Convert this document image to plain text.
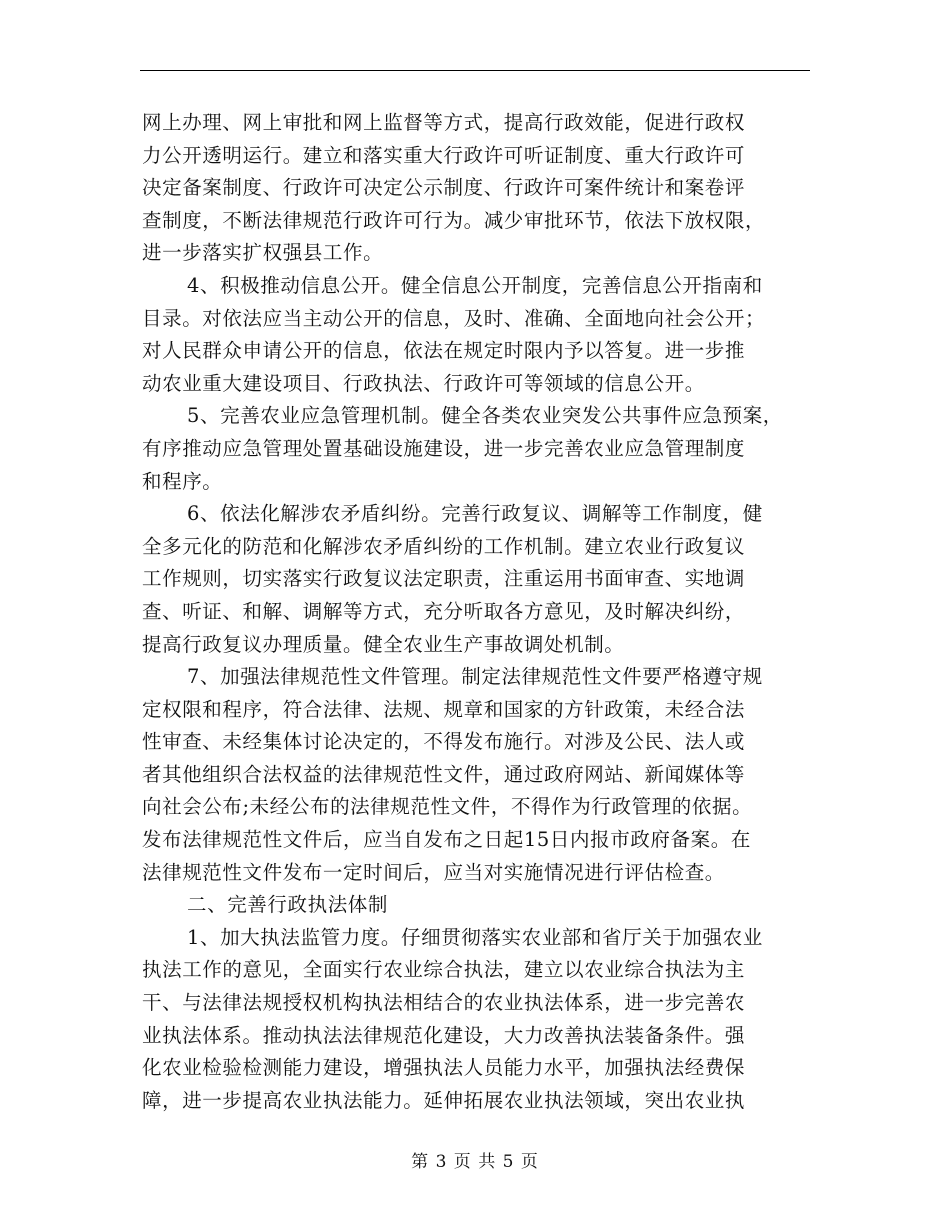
网上办理、网上审批和网上监督等方式，提高行政效能，促进行政权
力公开透明运行。建立和落实重大行政许可听证制度、重大行政许可
决定备案制度、行政许可决定公示制度、行政许可案件统计和案卷评
查制度，不断法律规范行政许可行为。减少审批环节，依法下放权限，
进一步落实扩权强县工作。
4、积极推动信息公开。健全信息公开制度，完善信息公开指南和
目录。对依法应当主动公开的信息，及时、准确、全面地向社会公开；
对人民群众申请公开的信息，依法在规定时限内予以答复。进一步推
动农业重大建设项目、行政执法、行政许可等领域的信息公开。
5、完善农业应急管理机制。健全各类农业突发公共事件应急预案，
有序推动应急管理处置基础设施建设，进一步完善农业应急管理制度
和程序。
6、依法化解涉农矛盾纠纷。完善行政复议、调解等工作制度，健
全多元化的防范和化解涉农矛盾纠纷的工作机制。建立农业行政复议
工作规则，切实落实行政复议法定职责，注重运用书面审查、实地调
查、听证、和解、调解等方式，充分听取各方意见，及时解决纠纷，
提高行政复议办理质量。健全农业生产事故调处机制。
7、加强法律规范性文件管理。制定法律规范性文件要严格遵守规
定权限和程序，符合法律、法规、规章和国家的方针政策，未经合法
性审查、未经集体讨论决定的，不得发布施行。对涉及公民、法人或
者其他组织合法权益的法律规范性文件，通过政府网站、新闻媒体等
向社会公布;未经公布的法律规范性文件，不得作为行政管理的依据。
发布法律规范性文件后，应当自发布之日起15日内报市政府备案。在
法律规范性文件发布一定时间后，应当对实施情况进行评估检查。
二、完善行政执法体制
1、加大执法监管力度。仔细贯彻落实农业部和省厅关于加强农业
执法工作的意见，全面实行农业综合执法，建立以农业综合执法为主
干、与法律法规授权机构执法相结合的农业执法体系，进一步完善农
业执法体系。推动执法法律规范化建设，大力改善执法装备条件。强
化农业检验检测能力建设，增强执法人员能力水平，加强执法经费保
障，进一步提高农业执法能力。延伸拓展农业执法领域，突出农业执
第 3 页 共 5 页
